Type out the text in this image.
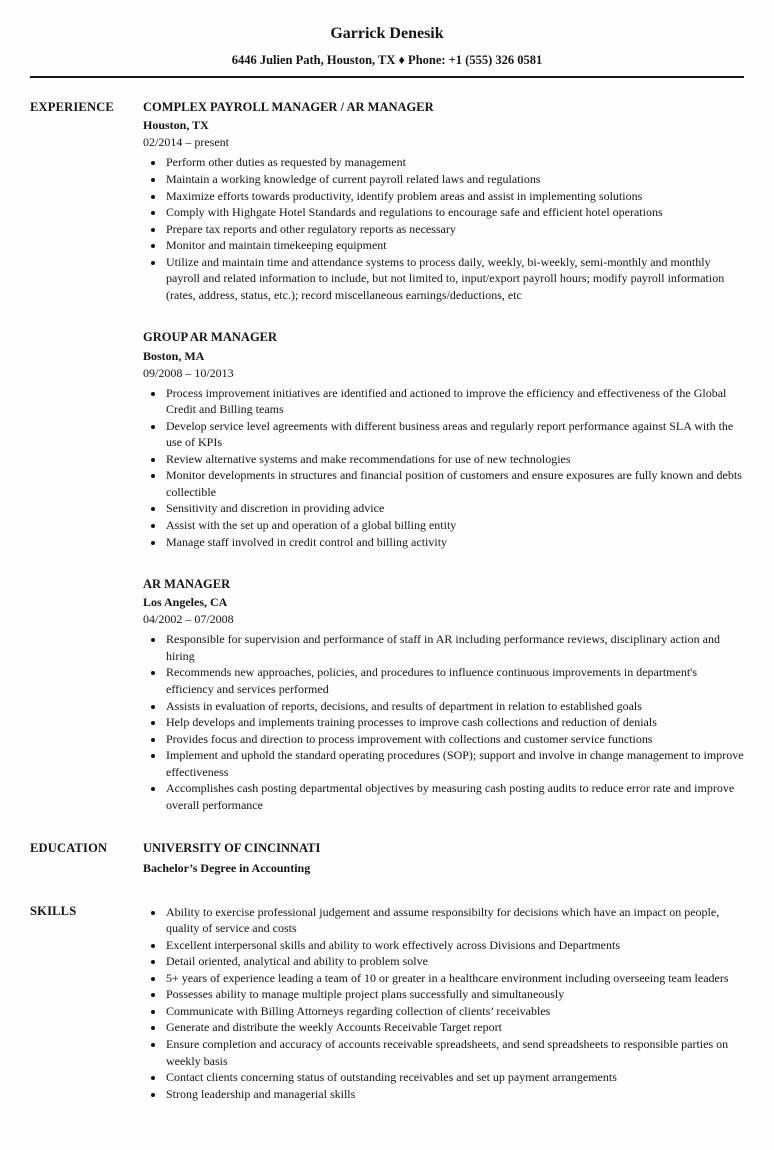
Garrick Denesik
6446 Julien Path, Houston, TX ♦ Phone: +1 (555) 326 0581
EXPERIENCE	COMPLEX PAYROLL MANAGER / AR MANAGER
Houston, TX
02/2014 – present
• Perform other duties as requested by management
• Maintain a working knowledge of current payroll related laws and regulations
• Maximize efforts towards productivity, identify problem areas and assist in implementing solutions
• Comply with Highgate Hotel Standards and regulations to encourage safe and efficient hotel operations
• Prepare tax reports and other regulatory reports as necessary
• Monitor and maintain timekeeping equipment
• Utilize and maintain time and attendance systems to process daily, weekly, bi-weekly, semi-monthly and monthly payroll and related information to include, but not limited to, input/export payroll hours; modify payroll information (rates, address, status, etc.); record miscellaneous earnings/deductions, etc
GROUP AR MANAGER
Boston, MA
09/2008 – 10/2013
• Process improvement initiatives are identified and actioned to improve the efficiency and effectiveness of the Global Credit and Billing teams
• Develop service level agreements with different business areas and regularly report performance against SLA with the use of KPIs
• Review alternative systems and make recommendations for use of new technologies
• Monitor developments in structures and financial position of customers and ensure exposures are fully known and debts collectible
• Sensitivity and discretion in providing advice
• Assist with the set up and operation of a global billing entity
• Manage staff involved in credit control and billing activity
AR MANAGER
Los Angeles, CA
04/2002 – 07/2008
• Responsible for supervision and performance of staff in AR including performance reviews, disciplinary action and hiring
• Recommends new approaches, policies, and procedures to influence continuous improvements in department's efficiency and services performed
• Assists in evaluation of reports, decisions, and results of department in relation to established goals
• Help develops and implements training processes to improve cash collections and reduction of denials
• Provides focus and direction to process improvement with collections and customer service functions
• Implement and uphold the standard operating procedures (SOP); support and involve in change management to improve effectiveness
• Accomplishes cash posting departmental objectives by measuring cash posting audits to reduce error rate and improve overall performance
EDUCATION	UNIVERSITY OF CINCINNATI
Bachelor’s Degree in Accounting
SKILLS	• Ability to exercise professional judgement and assume responsibilty for decisions which have an impact on people, quality of service and costs
• Excellent interpersonal skills and ability to work effectively across Divisions and Departments
• Detail oriented, analytical and ability to problem solve
• 5+ years of experience leading a team of 10 or greater in a healthcare environment including overseeing team leaders
• Possesses ability to manage multiple project plans successfully and simultaneously
• Communicate with Billing Attorneys regarding collection of clients’ receivables
• Generate and distribute the weekly Accounts Receivable Target report
• Ensure completion and accuracy of accounts receivable spreadsheets, and send spreadsheets to responsible parties on weekly basis
• Contact clients concerning status of outstanding receivables and set up payment arrangements
• Strong leadership and managerial skills
